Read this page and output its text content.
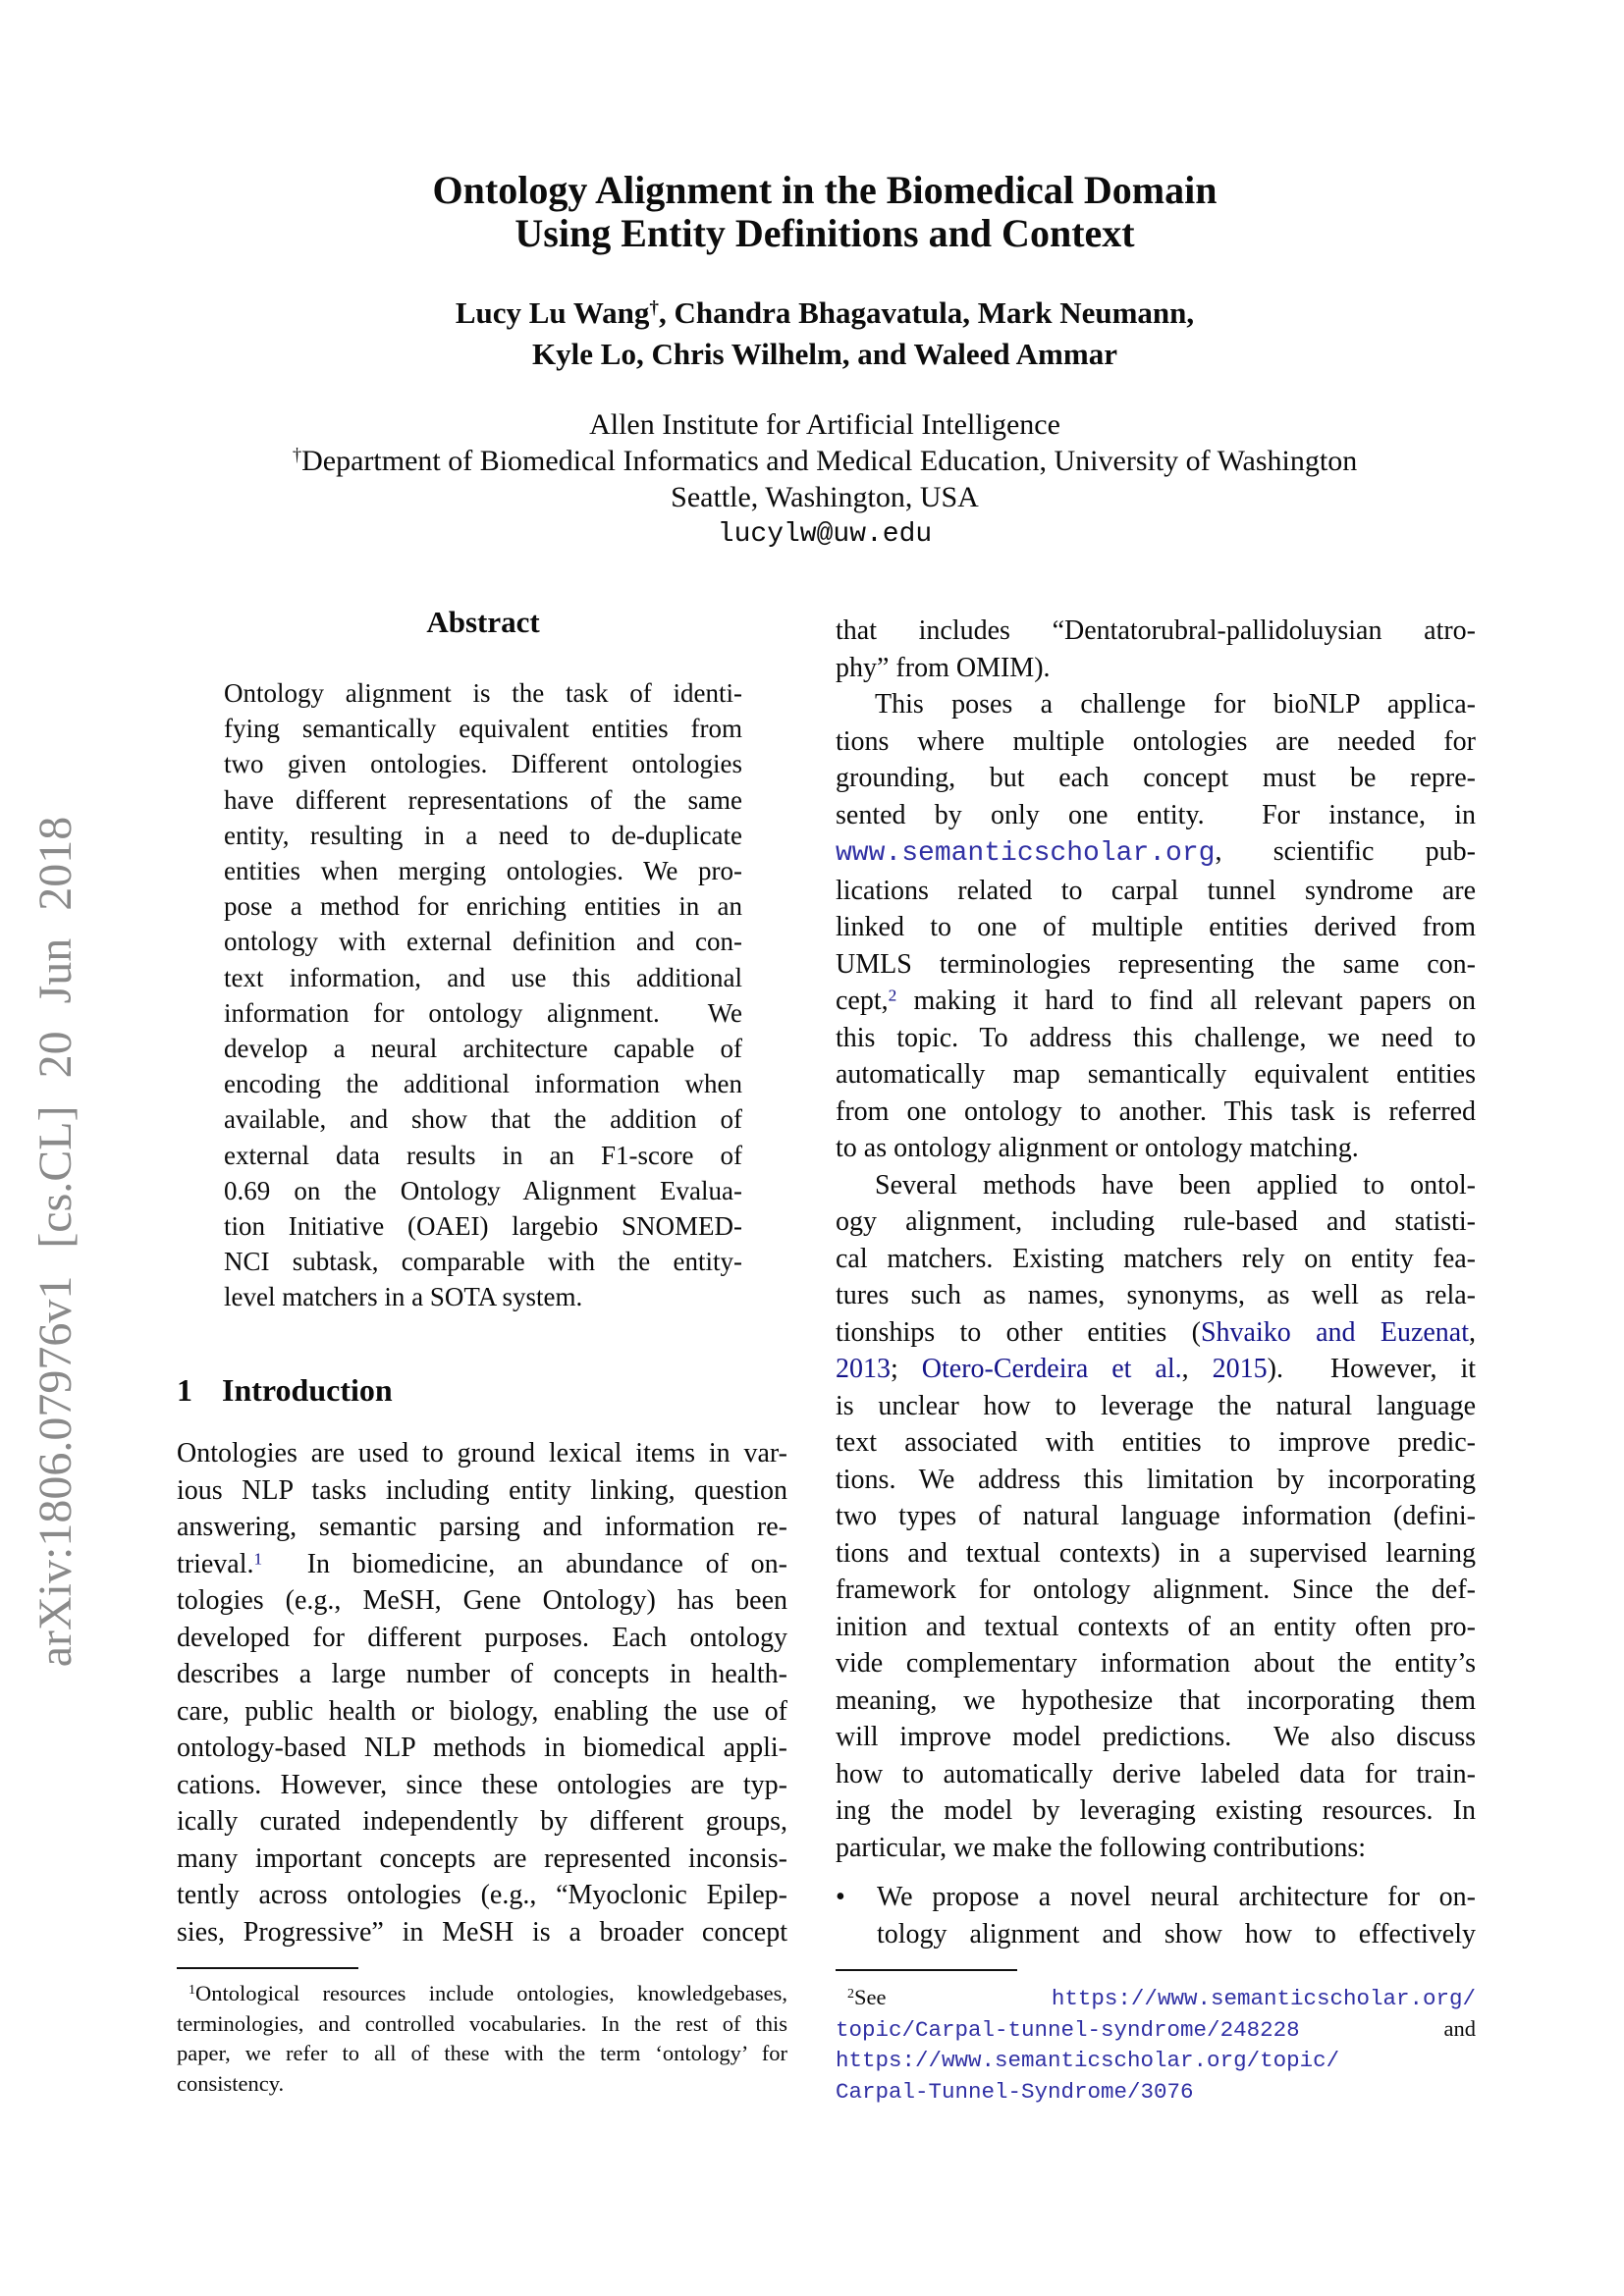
arXiv:1806.07976v1 [cs.CL] 20 Jun 2018
Ontology Alignment in the Biomedical Domain
Using Entity Definitions and Context
Lucy Lu Wang†, Chandra Bhagavatula, Mark Neumann,
Kyle Lo, Chris Wilhelm, and Waleed Ammar
Allen Institute for Artificial Intelligence
†Department of Biomedical Informatics and Medical Education, University of Washington
Seattle, Washington, USA
lucylw@uw.edu
Abstract
Ontology alignment is the task of identi-
fying semantically equivalent entities from
two given ontologies. Different ontologies
have different representations of the same
entity, resulting in a need to de-duplicate
entities when merging ontologies. We pro-
pose a method for enriching entities in an
ontology with external definition and con-
text information, and use this additional
information for ontology alignment.  We
develop a neural architecture capable of
encoding the additional information when
available, and show that the addition of
external data results in an F1-score of
0.69 on the Ontology Alignment Evalua-
tion Initiative (OAEI) largebio SNOMED-
NCI subtask, comparable with the entity-
level matchers in a SOTA system.
1 Introduction
Ontologies are used to ground lexical items in var-
ious NLP tasks including entity linking, question
answering, semantic parsing and information re-
trieval.$^1$  In biomedicine, an abundance of on-
tologies (e.g., MeSH, Gene Ontology) has been
developed for different purposes. Each ontology
describes a large number of concepts in health-
care, public health or biology, enabling the use of
ontology-based NLP methods in biomedical appli-
cations. However, since these ontologies are typ-
ically curated independently by different groups,
many important concepts are represented inconsis-
tently across ontologies (e.g., “Myoclonic Epilep-
sies, Progressive” in MeSH is a broader concept
that includes “Dentatorubral-pallidoluysian atro-
phy” from OMIM).
This poses a challenge for bioNLP applica-
tions where multiple ontologies are needed for
grounding, but each concept must be repre-
sented by only one entity.  For instance, in
www.semanticscholar.org, scientific pub-
lications related to carpal tunnel syndrome are
linked to one of multiple entities derived from
UMLS terminologies representing the same con-
cept,$^2$ making it hard to find all relevant papers on
this topic. To address this challenge, we need to
automatically map semantically equivalent entities
from one ontology to another. This task is referred
to as ontology alignment or ontology matching.
Several methods have been applied to ontol-
ogy alignment, including rule-based and statisti-
cal matchers. Existing matchers rely on entity fea-
tures such as names, synonyms, as well as rela-
tionships to other entities (Shvaiko and Euzenat,
2013; Otero-Cerdeira et al., 2015).  However, it
is unclear how to leverage the natural language
text associated with entities to improve predic-
tions. We address this limitation by incorporating
two types of natural language information (defini-
tions and textual contexts) in a supervised learning
framework for ontology alignment. Since the def-
inition and textual contexts of an entity often pro-
vide complementary information about the entity’s
meaning, we hypothesize that incorporating them
will improve model predictions.  We also discuss
how to automatically derive labeled data for train-
ing the model by leveraging existing resources. In
particular, we make the following contributions:
• We propose a novel neural architecture for on-
tology alignment and show how to effectively
$^1$Ontological resources include ontologies, knowledgebases,
terminologies, and controlled vocabularies. In the rest of this
paper, we refer to all of these with the term ‘ontology’ for
consistency.
$^2$See https://www.semanticscholar.org/
topic/Carpal-tunnel-syndrome/248228 and
https://www.semanticscholar.org/topic/
Carpal-Tunnel-Syndrome/3076
